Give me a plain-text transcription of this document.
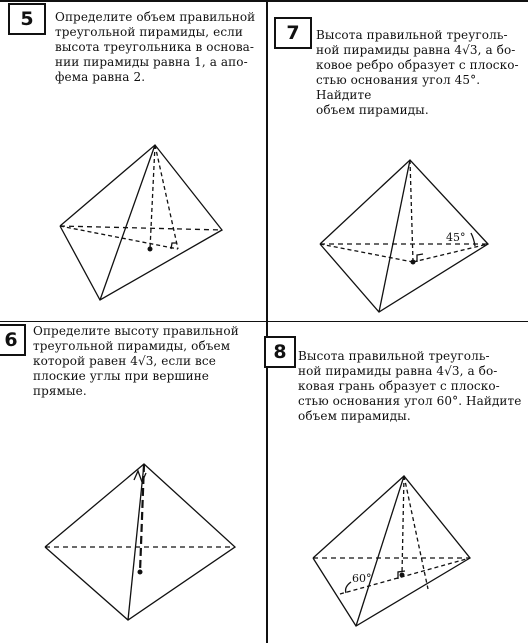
5	Определите объем правильной
треугольной пирамиды, если
высота треугольника в основа-
нии пирамиды равна 1, а апо-
фема равна 2.
7	Высота правильной треуголь-
ной пирамиды равна 4√3, а бо-
ковое ребро образует с плоско-
стью основания угол 45°. Найдите
объем пирамиды.
45°
6	Определите высоту правильной
треугольной пирамиды, объем
которой равен 4√3, если все
плоские углы при вершине
прямые.
8 Высота правильной треуголь-
ной пирамиды равна 4√3, а бо-
ковая грань образует с плоско-
стью основания угол 60°. Найдите
объем пирамиды.
60°
